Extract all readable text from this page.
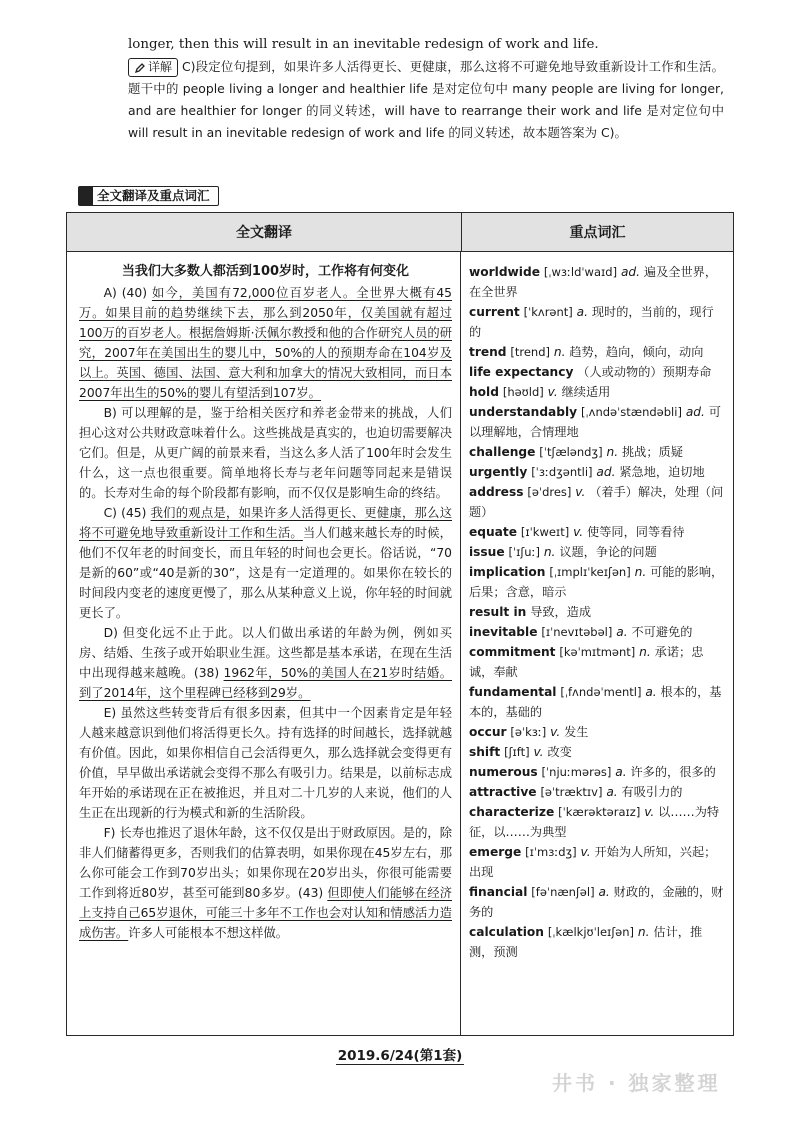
longer, then this will result in an inevitable redesign of work and life.

详解 C)段定位句提到，如果许多人活得更长、更健康，那么这将不可避免地导致重新设计工作和生活。题干中的 people living a longer and healthier life 是对定位句中 many people are living for longer, and are healthier for longer 的同义转述，will have to rearrange their work and life 是对定位句中 will result in an inevitable redesign of work and life 的同义转述，故本题答案为 C)。

全文翻译及重点词汇
全文翻译	重点词汇

当我们大多数人都活到100岁时，工作将有何变化

A) (40) 如今，美国有72,000位百岁老人。全世界大概有45万。如果目前的趋势继续下去，那么到2050年，仅美国就有超过100万的百岁老人。根据詹姆斯·沃佩尔教授和他的合作研究人员的研究，2007年在美国出生的婴儿中，50%的人的预期寿命在104岁及以上。英国、德国、法国、意大利和加拿大的情况大致相同，而日本2007年出生的50%的婴儿有望活到107岁。

B) 可以理解的是，鉴于给相关医疗和养老金带来的挑战，人们担心这对公共财政意味着什么。这些挑战是真实的，也迫切需要解决它们。但是，从更广阔的前景来看，当这么多人活了100年时会发生什么，这一点也很重要。简单地将长寿与老年问题等同起来是错误的。长寿对生命的每个阶段都有影响，而不仅仅是影响生命的终结。

C) (45) 我们的观点是，如果许多人活得更长、更健康，那么这将不可避免地导致重新设计工作和生活。当人们越来越长寿的时候，他们不仅年老的时间变长，而且年轻的时间也会更长。俗话说，“70是新的60”或“40是新的30”，这是有一定道理的。如果你在较长的时间段内变老的速度更慢了，那么从某种意义上说，你年轻的时间就更长了。

D) 但变化远不止于此。以人们做出承诺的年龄为例，例如买房、结婚、生孩子或开始职业生涯。这些都是基本承诺，在现在生活中出现得越来越晚。(38) 1962年，50%的美国人在21岁时结婚。到了2014年，这个里程碑已经移到29岁。

E) 虽然这些转变背后有很多因素，但其中一个因素肯定是年轻人越来越意识到他们将活得更长久。持有选择的时间越长，选择就越有价值。因此，如果你相信自己会活得更久，那么选择就会变得更有价值，早早做出承诺就会变得不那么有吸引力。结果是，以前标志成年开始的承诺现在正在被推迟，并且对二十几岁的人来说，他们的人生正在出现新的行为模式和新的生活阶段。

F) 长寿也推迟了退休年龄，这不仅仅是出于财政原因。是的，除非人们储蓄得更多，否则我们的估算表明，如果你现在45岁左右，那么你可能会工作到70岁出头；如果你现在20岁出头，你很可能需要工作到将近80岁，甚至可能到80多岁。(43) 但即使人们能够在经济上支持自己65岁退休，可能三十多年不工作也会对认知和情感活力造成伤害。许多人可能根本不想这样做。

worldwide [ˌwɜːldˈwaɪd] ad. 遍及全世界，在全世界

current [ˈkʌrənt] a. 现时的，当前的，现行的

trend [trend] n. 趋势，趋向，倾向，动向

life expectancy （人或动物的）预期寿命

hold [həʊld] v. 继续适用

understandably [ˌʌndəˈstændəbli] ad. 可以理解地，合情理地

challenge [ˈtʃæləndʒ] n. 挑战；质疑

urgently [ˈɜːdʒəntli] ad. 紧急地，迫切地

address [əˈdres] v. （着手）解决，处理（问题）

equate [ɪˈkweɪt] v. 使等同，同等看待

issue [ˈɪʃuː] n. 议题，争论的问题

implication [ˌɪmplɪˈkeɪʃən] n. 可能的影响，后果；含意，暗示

result in 导致，造成

inevitable [ɪˈnevɪtəbəl] a. 不可避免的

commitment [kəˈmɪtmənt] n. 承诺；忠诚，奉献

fundamental [ˌfʌndəˈmentl] a. 根本的，基本的，基础的

occur [əˈkɜː] v. 发生

shift [ʃɪft] v. 改变

numerous [ˈnjuːmərəs] a. 许多的，很多的

attractive [əˈtræktɪv] a. 有吸引力的

characterize [ˈkærəktəraɪz] v. 以……为特征，以……为典型

emerge [ɪˈmɜːdʒ] v. 开始为人所知，兴起；出现

financial [fəˈnænʃəl] a. 财政的，金融的，财务的

calculation [ˌkælkjʊˈleɪʃən] n. 估计，推测，预测

2019.6/24(第1套)
井书 · 独家整理
